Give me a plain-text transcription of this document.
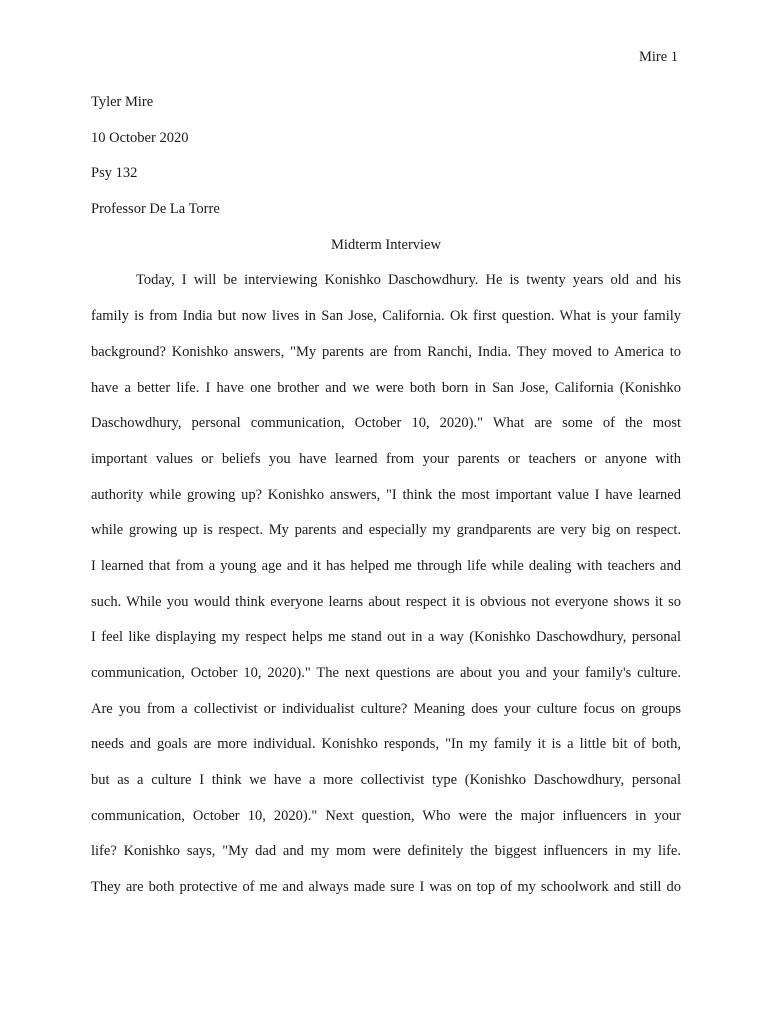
Mire 1
Tyler Mire
10 October 2020
Psy 132
Professor De La Torre
Midterm Interview
Today, I will be interviewing Konishko Daschowdhury. He is twenty years old and his
family is from India but now lives in San Jose, California. Ok first question. What is your family
background? Konishko answers, "My parents are from Ranchi, India. They moved to America to
have a better life. I have one brother and we were both born in San Jose, California (Konishko
Daschowdhury, personal communication, October 10, 2020)." What are some of the most
important values or beliefs you have learned from your parents or teachers or anyone with
authority while growing up? Konishko answers, "I think the most important value I have learned
while growing up is respect. My parents and especially my grandparents are very big on respect.
I learned that from a young age and it has helped me through life while dealing with teachers and
such. While you would think everyone learns about respect it is obvious not everyone shows it so
I feel like displaying my respect helps me stand out in a way (Konishko Daschowdhury, personal
communication, October 10, 2020)." The next questions are about you and your family's culture.
Are you from a collectivist or individualist culture? Meaning does your culture focus on groups
needs and goals are more individual. Konishko responds, "In my family it is a little bit of both,
but as a culture I think we have a more collectivist type (Konishko Daschowdhury, personal
communication, October 10, 2020)." Next question, Who were the major influencers in your
life? Konishko says, "My dad and my mom were definitely the biggest influencers in my life.
They are both protective of me and always made sure I was on top of my schoolwork and still do
